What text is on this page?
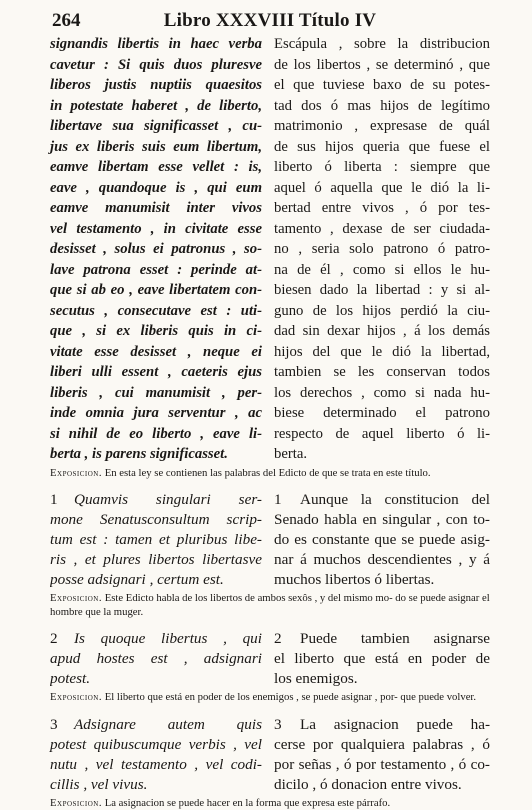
264	Libro XXXVIII Título IV
signandis libertis in haec verba
cavetur : Si quis duos pluresve
liberos justis nuptiis quaesitos
in potestate haberet , de liberto,
libertave sua significasset , cu-
jus ex liberis suis eum libertum,
eamve libertam esse vellet : is,
eave , quandoque is , qui eum
eamve manumisit inter vivos
vel testamento , in civitate esse
desisset , solus ei patronus , so-
lave patrona esset : perinde at-
que si ab eo , eave libertatem con-
secutus , consecutave est : uti-
que , si ex liberis quis in ci-
vitate esse desisset , neque ei
liberi ulli essent , caeteris ejus
liberis , cui manumisit , per-
inde omnia jura serventur , ac
si nihil de eo liberto , eave li-
berta , is parens significasset.
Escápula , sobre la distribucion
de los libertos , se determinó , que
el que tuviese baxo de su potes-
tad dos ó mas hijos de legítimo
matrimonio , expresase de quál
de sus hijos queria que fuese el
liberto ó liberta : siempre que
aquel ó aquella que le dió la li-
bertad entre vivos , ó por tes-
tamento , dexase de ser ciudada-
no , seria solo patrono ó patro-
na de él , como si ellos le hu-
biesen dado la libertad : y si al-
guno de los hijos perdió la ciu-
dad sin dexar hijos , á los demás
hijos del que le dió la libertad,
tambien se les conservan todos
los derechos , como si nada hu-
biese determinado el patrono
respecto de aquel liberto ó li-
berta.

Exposicion. En esta ley se contienen las palabras del Edicto de que se trata en este título.

1 Quamvis singulari ser-
mone Senatusconsultum scrip-
tum est : tamen et pluribus libe-
ris , et plures libertos libertasve
posse adsignari , certum est.
1 Aunque la constitucion del
Senado habla en singular , con to-
do es constante que se puede asig-
nar á muchos descendientes , y á
muchos libertos ó libertas.

Exposicion. Este Edicto habla de los libertos de ambos sexôs , y del mismo mo- do se puede asignar el hombre que la muger.

2 Is quoque libertus , qui
apud hostes est , adsignari
potest.
2 Puede tambien asignarse
el liberto que está en poder de
los enemigos.

Exposicion. El liberto que está en poder de los enemigos , se puede asignar , por- que puede volver.

3 Adsignare autem quis
potest quibuscumque verbis , vel
nutu , vel testamento , vel codi-
cillis , vel vivus.
3 La asignacion puede ha-
cerse por qualquiera palabras , ó
por señas , ó por testamento , ó co-
dicilo , ó donacion entre vivos.

Exposicion. La asignacion se puede hacer en la forma que expresa este párrafo.
